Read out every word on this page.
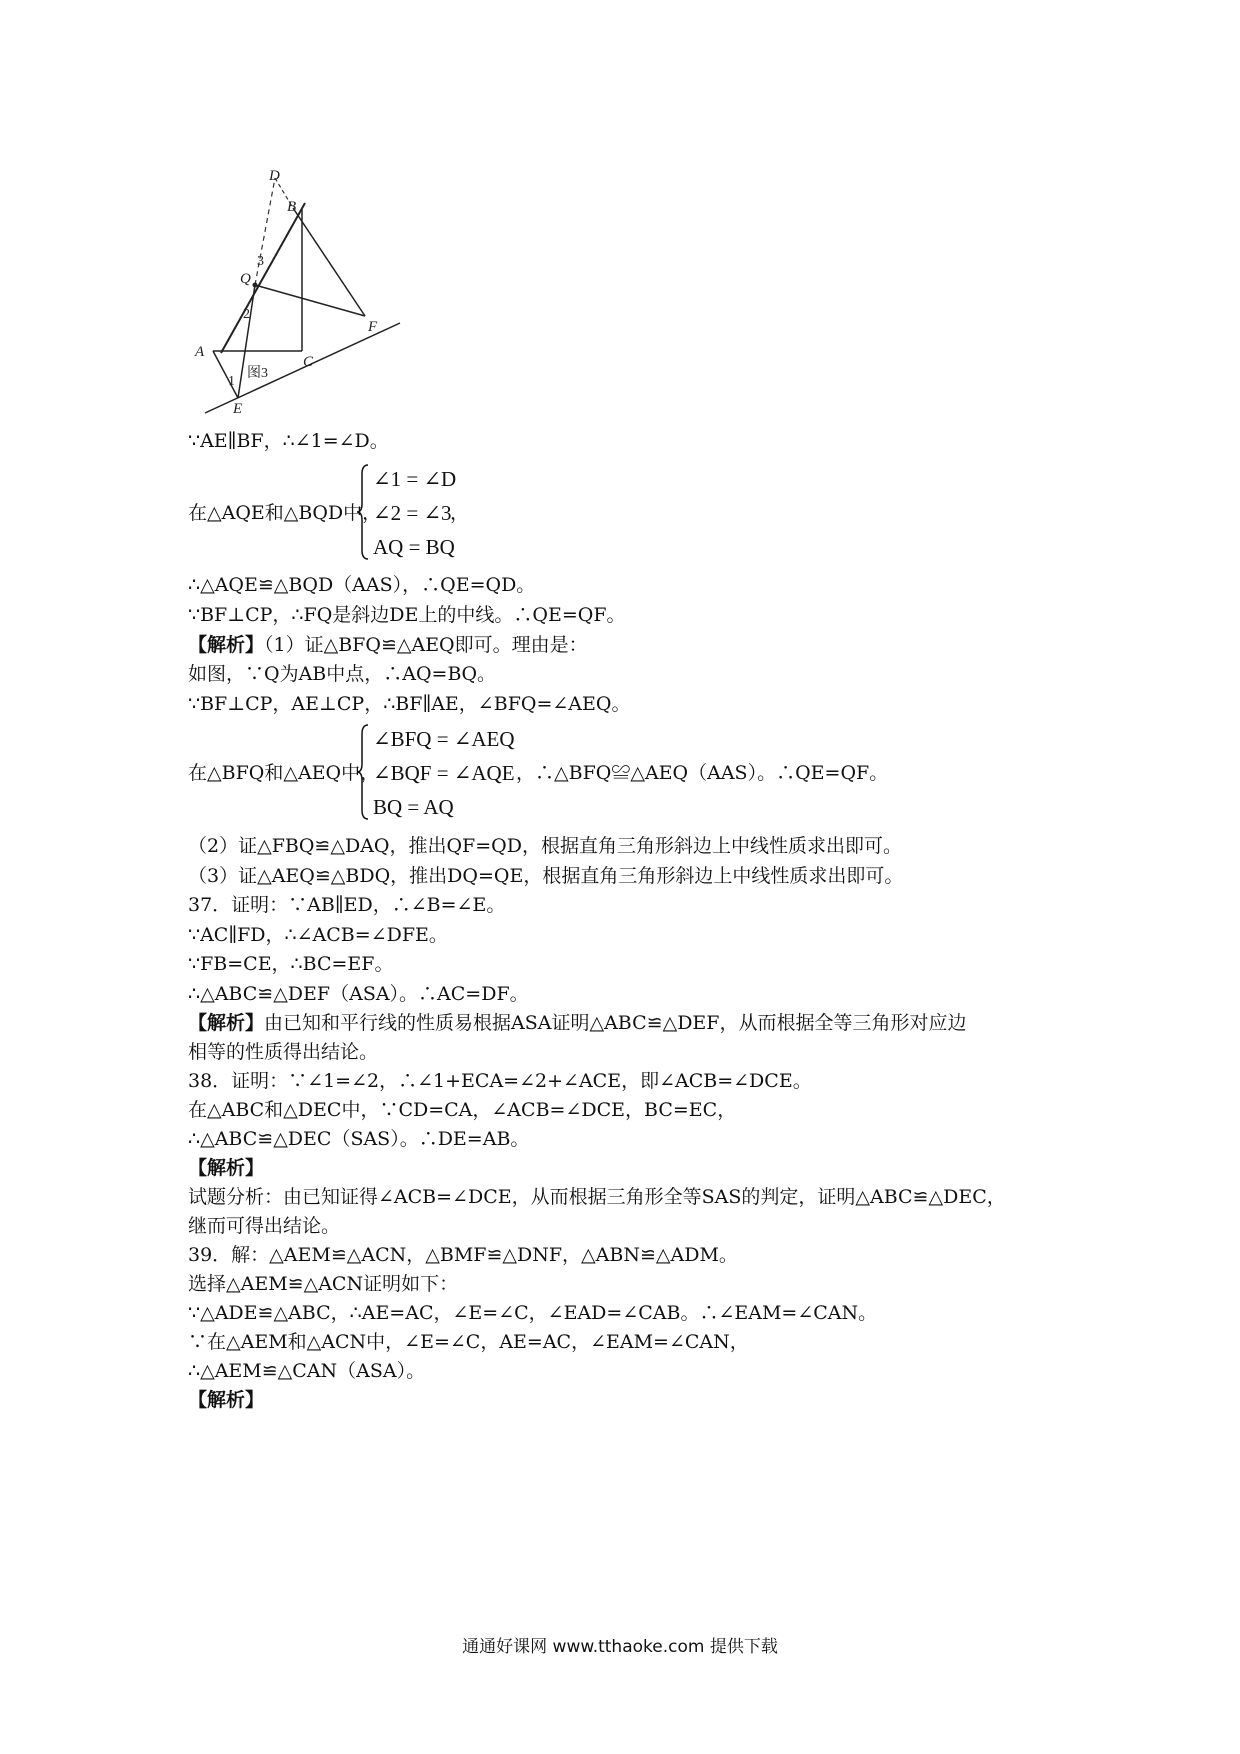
D
B
Q
A
C
E
F
3
2
1
图3
∵AE∥BF，∴∠1=∠D。
在△AQE和△BQD中，
∠1 = ∠D
∠2 = ∠3
AQ = BQ
，
∴△AQE≌△BQD（AAS），∴QE=QD。
∵BF⊥CP，∴FQ是斜边DE上的中线。∴QE=QF。
【解析】（1）证△BFQ≌△AEQ即可。理由是：
如图，∵Q为AB中点，∴AQ=BQ。
∵BF⊥CP，AE⊥CP，∴BF∥AE，∠BFQ=∠AEQ。
在△BFQ和△AEQ中，
∠BFQ = ∠AEQ
∠BQF = ∠AQE
BQ = AQ
，∴△BFQ≌△AEQ（AAS）。∴QE=QF。
（2）证△FBQ≌△DAQ，推出QF=QD，根据直角三角形斜边上中线性质求出即可。
（3）证△AEQ≌△BDQ，推出DQ=QE，根据直角三角形斜边上中线性质求出即可。
37．证明：∵AB∥ED，∴∠B=∠E。
∵AC∥FD，∴∠ACB=∠DFE。
∵FB=CE，∴BC=EF。
∴△ABC≌△DEF（ASA）。∴AC=DF。
【解析】由已知和平行线的性质易根据ASA证明△ABC≌△DEF，从而根据全等三角形对应边
相等的性质得出结论。
38．证明：∵∠1=∠2，∴∠1+ECA=∠2+∠ACE，即∠ACB=∠DCE。
在△ABC和△DEC中，∵CD=CA，∠ACB=∠DCE，BC=EC，
∴△ABC≌△DEC（SAS）。∴DE=AB。
【解析】
试题分析：由已知证得∠ACB=∠DCE，从而根据三角形全等SAS的判定，证明△ABC≌△DEC，
继而可得出结论。
39．解：△AEM≌△ACN，△BMF≌△DNF，△ABN≌△ADM。
选择△AEM≌△ACN证明如下：
∵△ADE≌△ABC，∴AE=AC，∠E=∠C，∠EAD=∠CAB。∴∠EAM=∠CAN。
∵在△AEM和△ACN中，∠E=∠C，AE=AC，∠EAM=∠CAN，
∴△AEM≌△CAN（ASA）。
【解析】
通通好课网 www.tthaoke.com 提供下载
